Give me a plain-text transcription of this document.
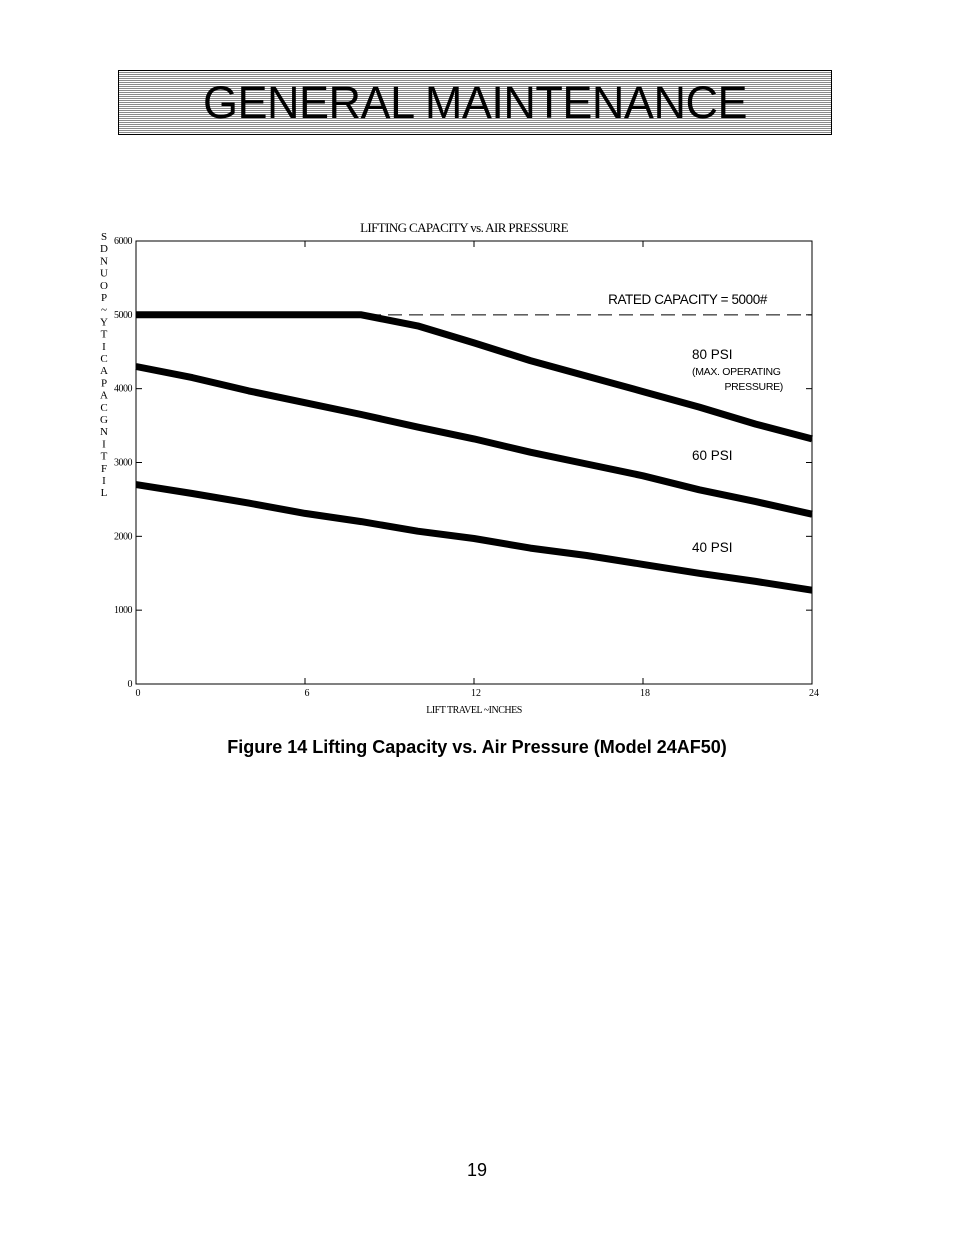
GENERAL MAINTENANCE
LIFTING CAPACITY vs. AIR PRESSURE
0
1000
2000
3000
4000
5000
6000
0	6	12	18	24
LIFT TRAVEL ~INCHES
S
D
N
U
O
P
~
Y
T
I
C
A
P
A
C
G
N
I
T
F
I
L
RATED CAPACITY = 5000#
80 PSI
(MAX. OPERATING
PRESSURE)
60 PSI
40 PSI
Figure 14 Lifting Capacity vs. Air Pressure (Model 24AF50)
19
